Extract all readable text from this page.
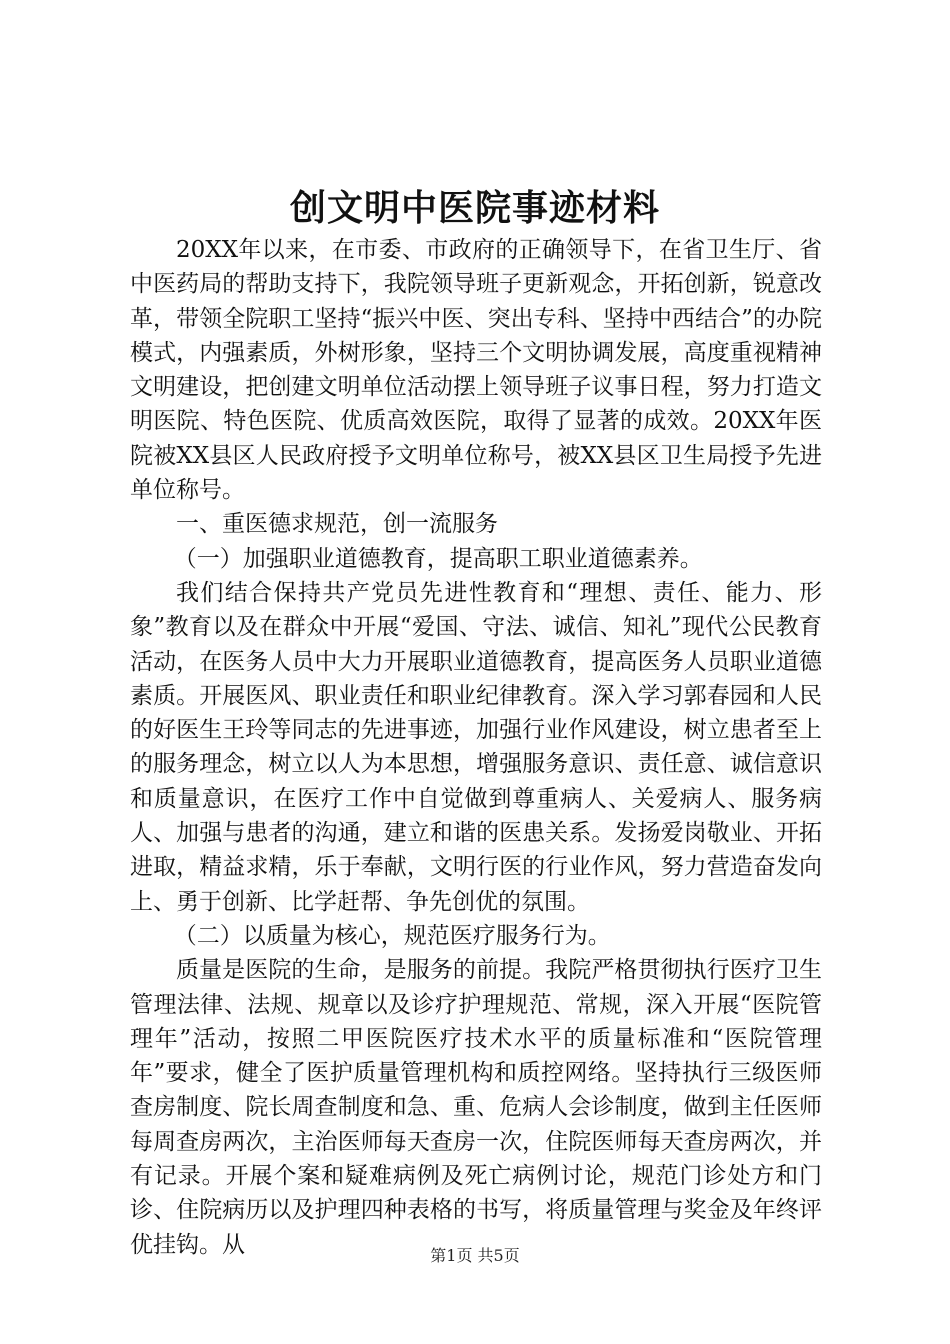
创文明中医院事迹材料

20XX年以来，在市委、市政府的正确领导下，在省卫生厅、省中医药局的帮助支持下，我院领导班子更新观念，开拓创新，锐意改革，带领全院职工坚持“振兴中医、突出专科、坚持中西结合”的办院模式，内强素质，外树形象，坚持三个文明协调发展，高度重视精神文明建设，把创建文明单位活动摆上领导班子议事日程，努力打造文明医院、特色医院、优质高效医院，取得了显著的成效。20XX年医院被XX县区人民政府授予文明单位称号，被XX县区卫生局授予先进单位称号。

一、重医德求规范，创一流服务

（一）加强职业道德教育，提高职工职业道德素养。

我们结合保持共产党员先进性教育和“理想、责任、能力、形象”教育以及在群众中开展“爱国、守法、诚信、知礼”现代公民教育活动，在医务人员中大力开展职业道德教育，提高医务人员职业道德素质。开展医风、职业责任和职业纪律教育。深入学习郭春园和人民的好医生王玲等同志的先进事迹，加强行业作风建设，树立患者至上的服务理念，树立以人为本思想，增强服务意识、责任意、诚信意识和质量意识，在医疗工作中自觉做到尊重病人、关爱病人、服务病人、加强与患者的沟通，建立和谐的医患关系。发扬爱岗敬业、开拓进取，精益求精，乐于奉献，文明行医的行业作风，努力营造奋发向上、勇于创新、比学赶帮、争先创优的氛围。

（二）以质量为核心，规范医疗服务行为。

质量是医院的生命，是服务的前提。我院严格贯彻执行医疗卫生管理法律、法规、规章以及诊疗护理规范、常规，深入开展“医院管理年”活动，按照二甲医院医疗技术水平的质量标准和“医院管理年”要求，健全了医护质量管理机构和质控网络。坚持执行三级医师查房制度、院长周查制度和急、重、危病人会诊制度，做到主任医师每周查房两次，主治医师每天查房一次，住院医师每天查房两次，并有记录。开展个案和疑难病例及死亡病例讨论，规范门诊处方和门诊、住院病历以及护理四种表格的书写，将质量管理与奖金及年终评优挂钩。从	第1页 共5页
